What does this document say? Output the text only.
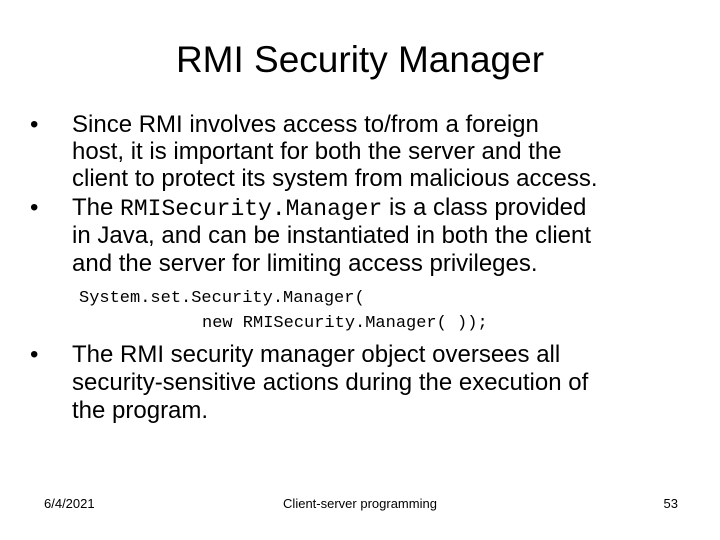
RMI Security Manager
• Since RMI involves access to/from a foreign
host, it is important for both the server and the
client to protect its system from malicious access.
• The RMISecurity.Manager is a class provided
in Java, and can be instantiated in both the client
and the server for limiting access privileges.
System.set.Security.Manager(
new RMISecurity.Manager( ));
• The RMI security manager object oversees all
security-sensitive actions during the execution of
the program.
6/4/2021	Client-server programming	53
